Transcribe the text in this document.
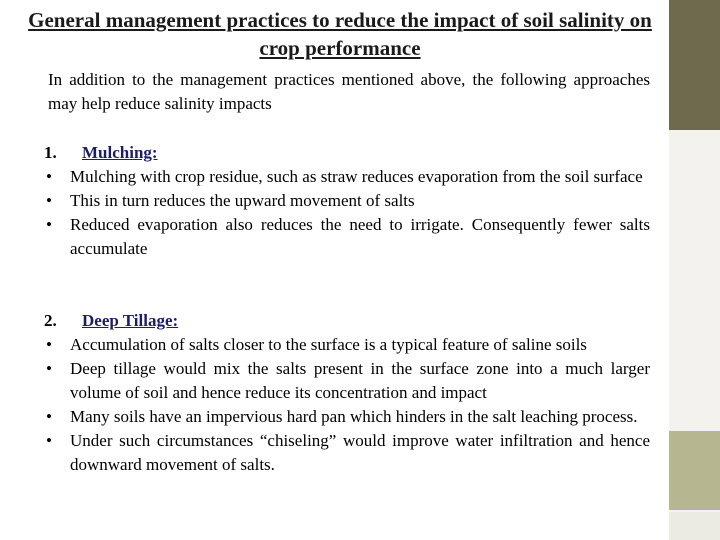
General management practices to reduce the impact of soil salinity on crop performance
In addition to the management practices mentioned above, the following approaches may help reduce salinity impacts
1.	Mulching:
•	Mulching with crop residue, such as straw reduces evaporation from the soil surface
•	This in turn reduces the upward movement of salts
•	Reduced evaporation also reduces the need to irrigate. Consequently fewer salts accumulate
2.	Deep Tillage:
•	Accumulation of salts closer to the surface is a typical feature of saline soils
•	Deep tillage would mix the salts present in the surface zone into a much larger volume of soil and hence reduce its concentration and impact
•	Many soils have an impervious hard pan which hinders in the salt leaching process.
•	Under such circumstances “chiseling” would improve water infiltration and hence downward movement of salts.
